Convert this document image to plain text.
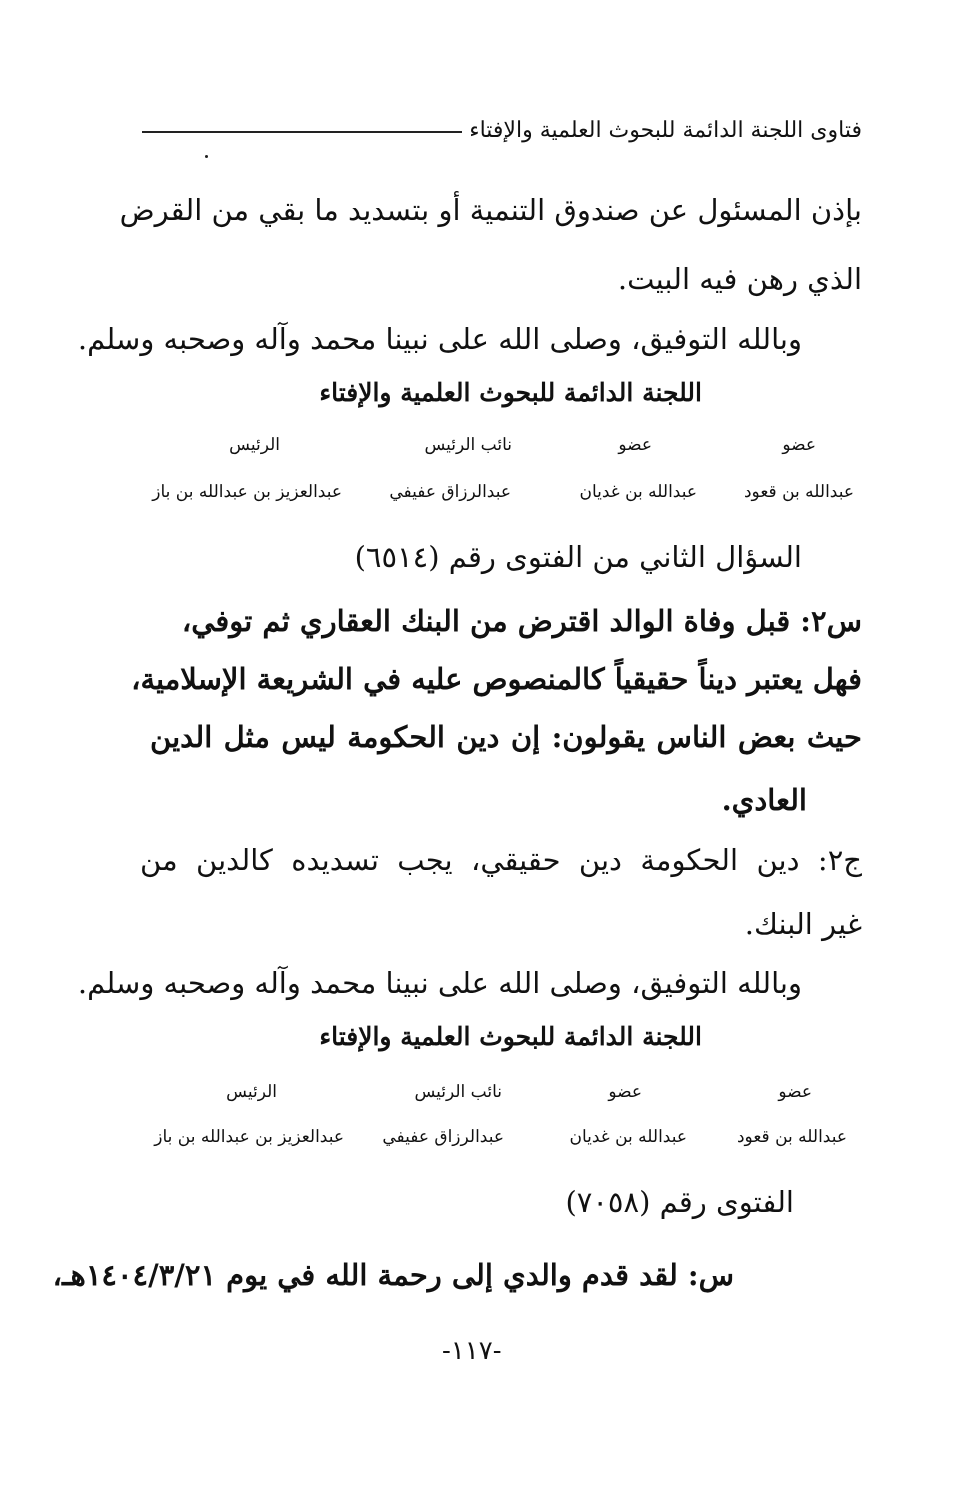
فتاوى اللجنة الدائمة للبحوث العلمية والإفتاء
بإذن المسئول عن صندوق التنمية أو بتسديد ما بقي من القرض
الذي رهن فيه البيت.
وبالله التوفيق، وصلى الله على نبينا محمد وآله وصحبه وسلم.
اللجنة الدائمة للبحوث العلمية والإفتاء
عضو
عضو
نائب الرئيس
الرئيس
عبدالله بن قعود
عبدالله بن غديان
عبدالرزاق عفيفي
عبدالعزيز بن عبدالله بن باز
السؤال الثاني من الفتوى رقم (٦٥١٤)
س٢: قبل وفاة الوالد اقترض من البنك العقاري ثم توفي،
فهل يعتبر ديناً حقيقياً كالمنصوص عليه في الشريعة الإسلامية،
حيث بعض الناس يقولون: إن دين الحكومة ليس مثل الدين
العادي.
ج٢: دين الحكومة دين حقيقي، يجب تسديده كالدين من
غير البنك.
وبالله التوفيق، وصلى الله على نبينا محمد وآله وصحبه وسلم.
اللجنة الدائمة للبحوث العلمية والإفتاء
عضو
عضو
نائب الرئيس
الرئيس
عبدالله بن قعود
عبدالله بن غديان
عبدالرزاق عفيفي
عبدالعزيز بن عبدالله بن باز
الفتوى رقم (٧٠٥٨)
س: لقد قدم والدي إلى رحمة الله في يوم ١٤٠٤/٣/٢١هـ،
-١١٧-
